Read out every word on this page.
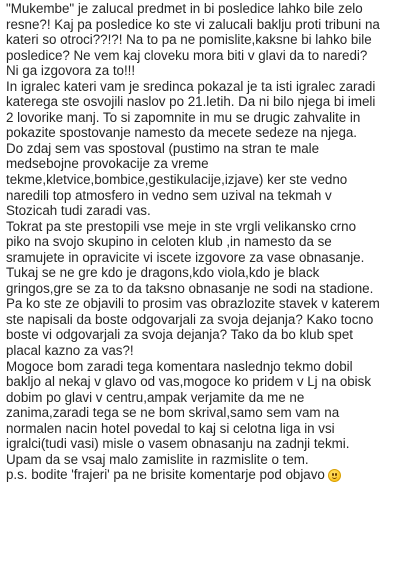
"Mukembe" je zalucal predmet in bi posledice lahko bile zelo
resne?! Kaj pa posledice ko ste vi zalucali baklju proti tribuni na
kateri so otroci??!?! Na to pa ne pomislite,kaksne bi lahko bile
posledice? Ne vem kaj cloveku mora biti v glavi da to naredi?
Ni ga izgovora za to!!!
In igralec kateri vam je sredinca pokazal je ta isti igralec zaradi
katerega ste osvojili naslov po 21.letih. Da ni bilo njega bi imeli
2 lovorike manj. To si zapomnite in mu se drugic zahvalite in
pokazite spostovanje namesto da mecete sedeze na njega.
Do zdaj sem vas spostoval (pustimo na stran te male
medsebojne provokacije za vreme
tekme,kletvice,bombice,gestikulacije,izjave) ker ste vedno
naredili top atmosfero in vedno sem uzival na tekmah v
Stozicah tudi zaradi vas.
Tokrat pa ste prestopili vse meje in ste vrgli velikansko crno
piko na svojo skupino in celoten klub ,in namesto da se
sramujete in opravicite vi iscete izgovore za vase obnasanje.
Tukaj se ne gre kdo je dragons,kdo viola,kdo je black
gringos,gre se za to da taksno obnasanje ne sodi na stadione.
Pa ko ste ze objavili to prosim vas obrazlozite stavek v katerem
ste napisali da boste odgovarjali za svoja dejanja? Kako tocno
boste vi odgovarjali za svoja dejanja? Tako da bo klub spet
placal kazno za vas?!
Mogoce bom zaradi tega komentara naslednjo tekmo dobil
bakljo al nekaj v glavo od vas,mogoce ko pridem v Lj na obisk
dobim po glavi v centru,ampak verjamite da me ne
zanima,zaradi tega se ne bom skrival,samo sem vam na
normalen nacin hotel povedal to kaj si celotna liga in vsi
igralci(tudi vasi) misle o vasem obnasanju na zadnji tekmi.
Upam da se vsaj malo zamislite in razmislite o tem.
p.s. bodite 'frajeri' pa ne brisite komentarje pod objavo
